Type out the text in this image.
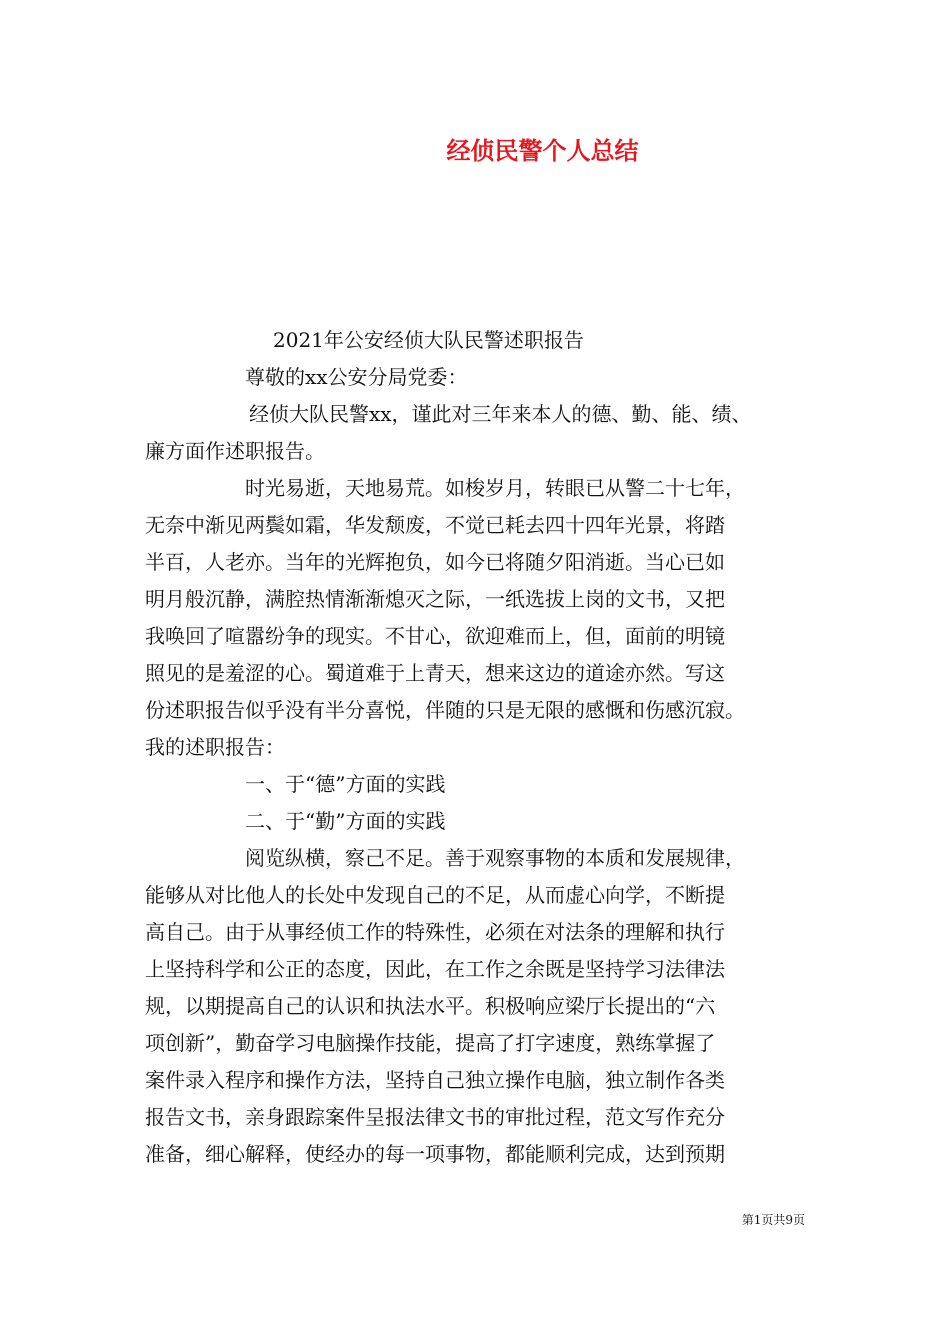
经侦民警个人总结
2021年公安经侦大队民警述职报告
尊敬的xx公安分局党委：
经侦大队民警xx，谨此对三年来本人的德、勤、能、绩、
廉方面作述职报告。
时光易逝，天地易荒。如梭岁月，转眼已从警二十七年，
无奈中渐见两鬓如霜，华发颓废，不觉已耗去四十四年光景，将踏
半百，人老亦。当年的光辉抱负，如今已将随夕阳消逝。当心已如
明月般沉静，满腔热情渐渐熄灭之际，一纸选拔上岗的文书，又把
我唤回了喧嚣纷争的现实。不甘心，欲迎难而上，但，面前的明镜
照见的是羞涩的心。蜀道难于上青天，想来这边的道途亦然。写这
份述职报告似乎没有半分喜悦，伴随的只是无限的感慨和伤感沉寂。
我的述职报告：
一、于“德”方面的实践
二、于“勤”方面的实践
阅览纵横，察己不足。善于观察事物的本质和发展规律，
能够从对比他人的长处中发现自己的不足，从而虚心向学，不断提
高自己。由于从事经侦工作的特殊性，必须在对法条的理解和执行
上坚持科学和公正的态度，因此，在工作之余既是坚持学习法律法
规，以期提高自己的认识和执法水平。积极响应梁厅长提出的“六
项创新”，勤奋学习电脑操作技能，提高了打字速度，熟练掌握了
案件录入程序和操作方法，坚持自己独立操作电脑，独立制作各类
报告文书，亲身跟踪案件呈报法律文书的审批过程，范文写作充分
准备，细心解释，使经办的每一项事物，都能顺利完成，达到预期
第1页共9页
